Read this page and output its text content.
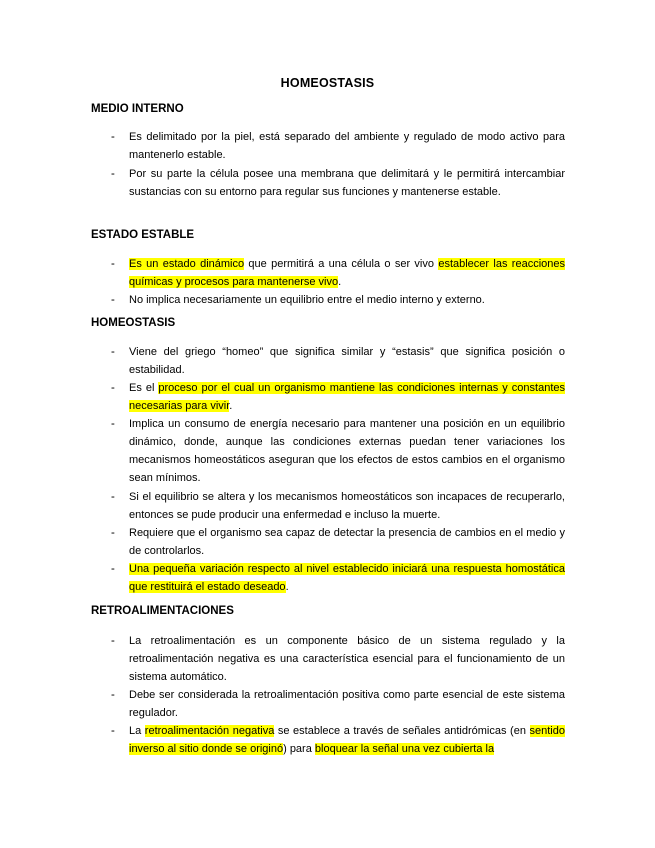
HOMEOSTASIS
MEDIO INTERNO
- Es delimitado por la piel, está separado del ambiente y regulado de modo activo para mantenerlo estable.
- Por su parte la célula posee una membrana que delimitará y le permitirá intercambiar sustancias con su entorno para regular sus funciones y mantenerse estable.
ESTADO ESTABLE
- Es un estado dinámico que permitirá a una célula o ser vivo establecer las reacciones químicas y procesos para mantenerse vivo.
- No implica necesariamente un equilibrio entre el medio interno y externo.
HOMEOSTASIS
- Viene del griego “homeo” que significa similar y “estasis” que significa posición o estabilidad.
- Es el proceso por el cual un organismo mantiene las condiciones internas y constantes necesarias para vivir.
- Implica un consumo de energía necesario para mantener una posición en un equilibrio dinámico, donde, aunque las condiciones externas puedan tener variaciones los mecanismos homeostáticos aseguran que los efectos de estos cambios en el organismo sean mínimos.
- Si el equilibrio se altera y los mecanismos homeostáticos son incapaces de recuperarlo, entonces se pude producir una enfermedad e incluso la muerte.
- Requiere que el organismo sea capaz de detectar la presencia de cambios en el medio y de controlarlos.
- Una pequeña variación respecto al nivel establecido iniciará una respuesta homostática que restituirá el estado deseado.
RETROALIMENTACIONES
- La retroalimentación es un componente básico de un sistema regulado y la retroalimentación negativa es una característica esencial para el funcionamiento de un sistema automático.
- Debe ser considerada la retroalimentación positiva como parte esencial de este sistema regulador.
- La retroalimentación negativa se establece a través de señales antidrómicas (en sentido inverso al sitio donde se originó) para bloquear la señal una vez cubierta la
